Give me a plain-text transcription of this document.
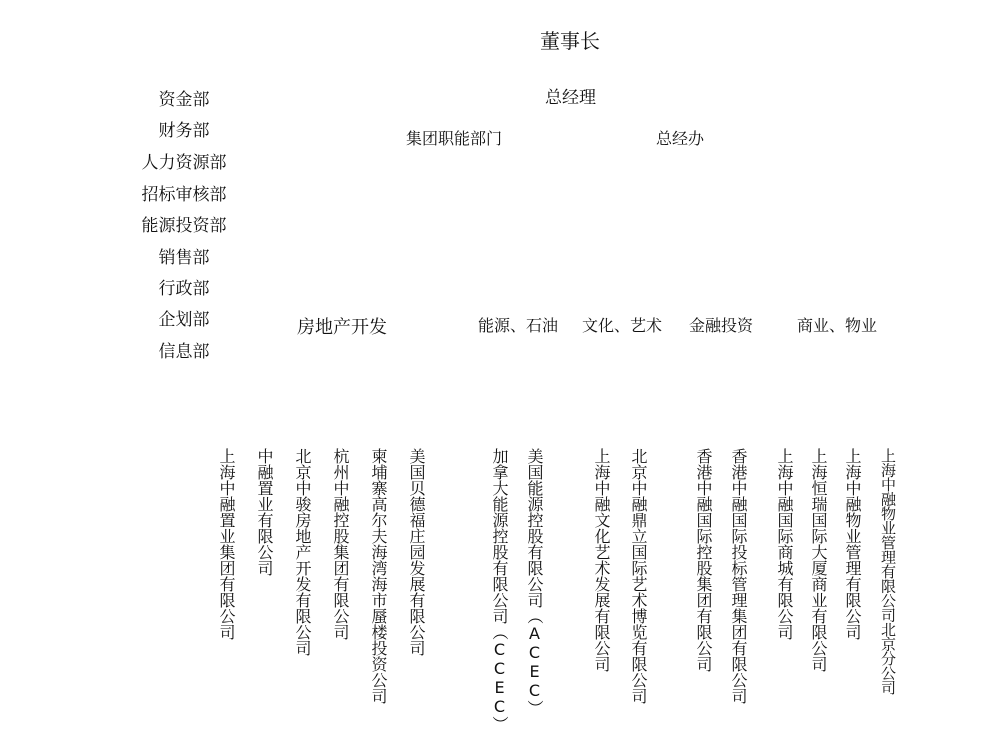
董事长
总经理
集团职能部门	总经办
资金部
财务部
人力资源部
招标审核部
能源投资部
销售部
行政部
企划部
信息部
房地产开发	能源、石油 文化、艺术 金融投资	商业、物业
上海中融置业集团有限公司 中融置业有限公司 北京中骏房地产开发有限公司 杭州中融控股集团有限公司 柬埔寨高尔夫海湾海市蜃楼投资公司 美国贝德福庄园发展有限公司	加拿大能源控股有限公司（CCEC） 美国能源控股有限公司（ACEC）	上海中融文化艺术发展有限公司 北京中融鼎立国际艺术博览有限公司	香港中融国际控股集团有限公司 香港中融国际投标管理集团有限公司 上海中融国际商城有限公司 上海恒瑞国际大厦商业有限公司 上海中融物业管理有限公司 上海中融物业管理有限公司北京分公司
